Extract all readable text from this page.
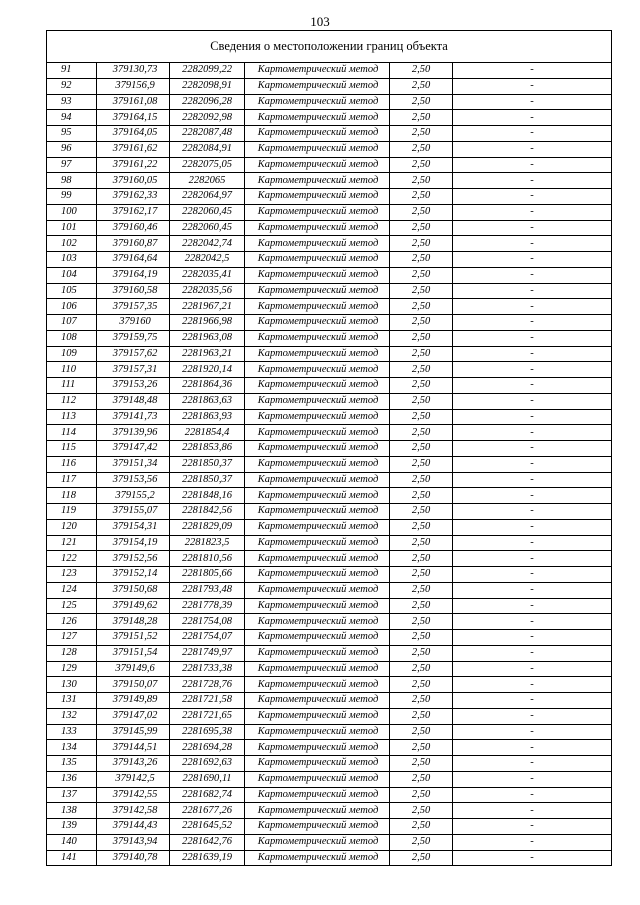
103
Сведения о местоположении границ объекта					
91	379130,73	2282099,22	Картометрический метод	2,50	-
92	379156,9	2282098,91	Картометрический метод	2,50	-
93	379161,08	2282096,28	Картометрический метод	2,50	-
94	379164,15	2282092,98	Картометрический метод	2,50	-
95	379164,05	2282087,48	Картометрический метод	2,50	-
96	379161,62	2282084,91	Картометрический метод	2,50	-
97	379161,22	2282075,05	Картометрический метод	2,50	-
98	379160,05	2282065	Картометрический метод	2,50	-
99	379162,33	2282064,97	Картометрический метод	2,50	-
100	379162,17	2282060,45	Картометрический метод	2,50	-
101	379160,46	2282060,45	Картометрический метод	2,50	-
102	379160,87	2282042,74	Картометрический метод	2,50	-
103	379164,64	2282042,5	Картометрический метод	2,50	-
104	379164,19	2282035,41	Картометрический метод	2,50	-
105	379160,58	2282035,56	Картометрический метод	2,50	-
106	379157,35	2281967,21	Картометрический метод	2,50	-
107	379160	2281966,98	Картометрический метод	2,50	-
108	379159,75	2281963,08	Картометрический метод	2,50	-
109	379157,62	2281963,21	Картометрический метод	2,50	-
110	379157,31	2281920,14	Картометрический метод	2,50	-
111	379153,26	2281864,36	Картометрический метод	2,50	-
112	379148,48	2281863,63	Картометрический метод	2,50	-
113	379141,73	2281863,93	Картометрический метод	2,50	-
114	379139,96	2281854,4	Картометрический метод	2,50	-
115	379147,42	2281853,86	Картометрический метод	2,50	-
116	379151,34	2281850,37	Картометрический метод	2,50	-
117	379153,56	2281850,37	Картометрический метод	2,50	-
118	379155,2	2281848,16	Картометрический метод	2,50	-
119	379155,07	2281842,56	Картометрический метод	2,50	-
120	379154,31	2281829,09	Картометрический метод	2,50	-
121	379154,19	2281823,5	Картометрический метод	2,50	-
122	379152,56	2281810,56	Картометрический метод	2,50	-
123	379152,14	2281805,66	Картометрический метод	2,50	-
124	379150,68	2281793,48	Картометрический метод	2,50	-
125	379149,62	2281778,39	Картометрический метод	2,50	-
126	379148,28	2281754,08	Картометрический метод	2,50	-
127	379151,52	2281754,07	Картометрический метод	2,50	-
128	379151,54	2281749,97	Картометрический метод	2,50	-
129	379149,6	2281733,38	Картометрический метод	2,50	-
130	379150,07	2281728,76	Картометрический метод	2,50	-
131	379149,89	2281721,58	Картометрический метод	2,50	-
132	379147,02	2281721,65	Картометрический метод	2,50	-
133	379145,99	2281695,38	Картометрический метод	2,50	-
134	379144,51	2281694,28	Картометрический метод	2,50	-
135	379143,26	2281692,63	Картометрический метод	2,50	-
136	379142,5	2281690,11	Картометрический метод	2,50	-
137	379142,55	2281682,74	Картометрический метод	2,50	-
138	379142,58	2281677,26	Картометрический метод	2,50	-
139	379144,43	2281645,52	Картометрический метод	2,50	-
140	379143,94	2281642,76	Картометрический метод	2,50	-
141	379140,78	2281639,19	Картометрический метод	2,50	-
